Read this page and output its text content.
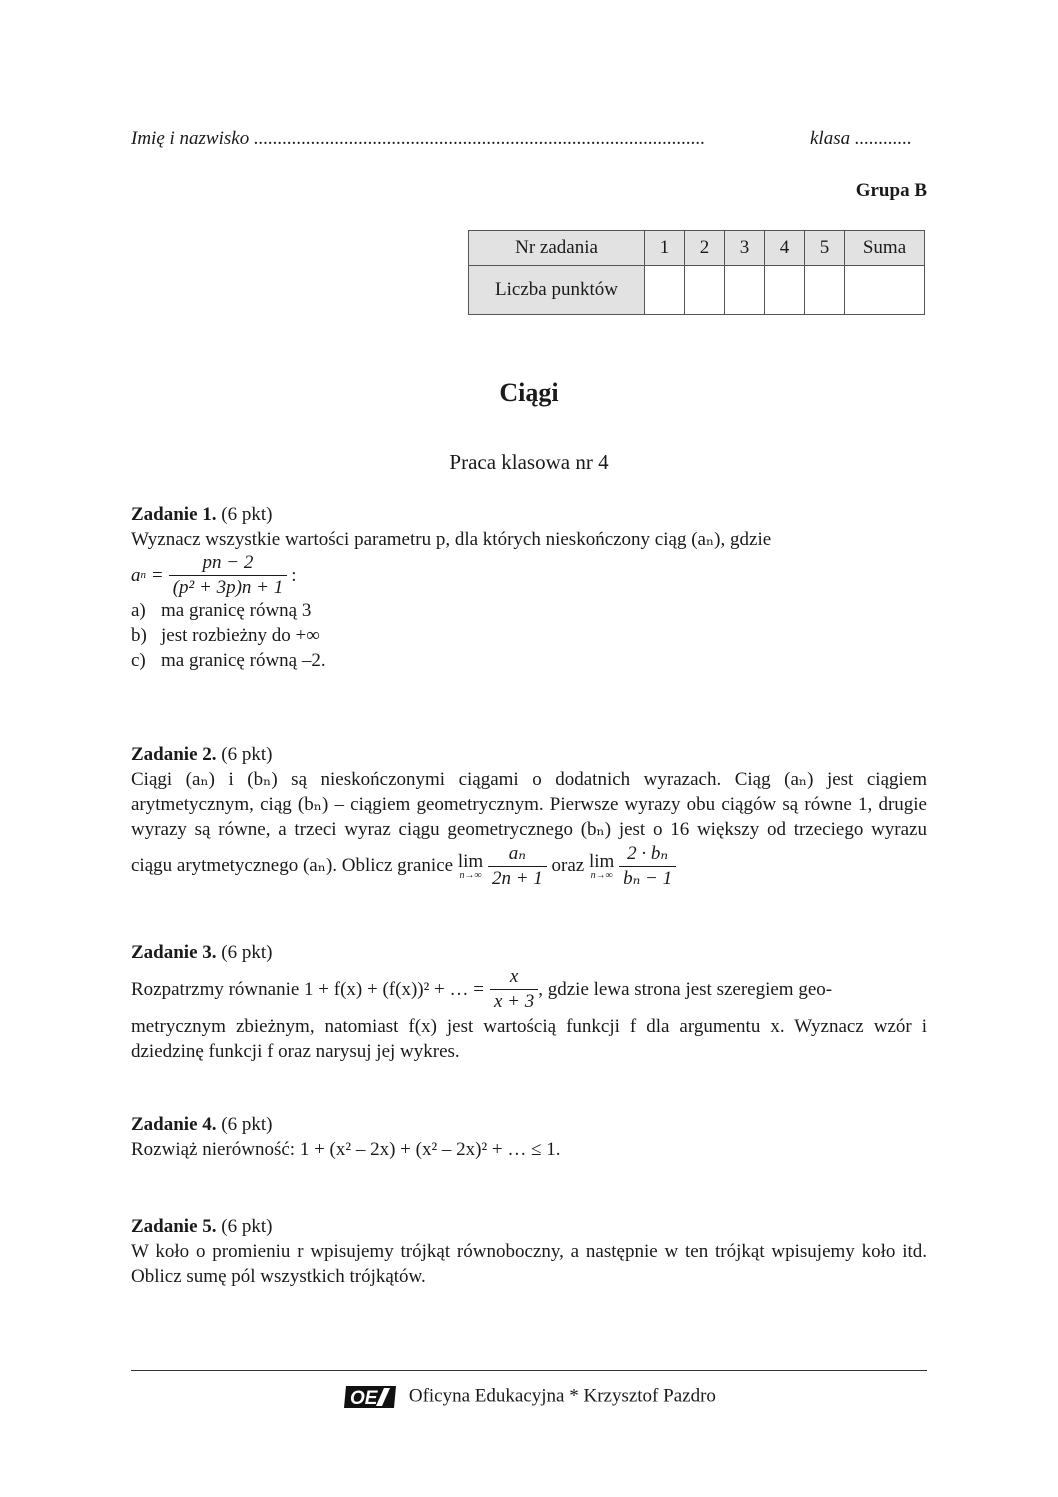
Imię i nazwisko ...............................................................................................	klasa ............
Grupa B
Nr zadania	1	2	3	4	5	Suma
Liczba punktów						
Ciągi
Praca klasowa nr 4
Zadanie 1. (6 pkt)
Wyznacz wszystkie wartości parametru p, dla których nieskończony ciąg (aₙ), gdzie
a $n = \frac{pn - 2}{\text{(p² + 3p)n + 1}}$ :
a) ma granicę równą 3
b) jest rozbieżny do +∞
c) ma granicę równą –2.
Zadanie 2. (6 pkt)
Ciągi (aₙ) i (bₙ) są nieskończonymi ciągami o dodatnich wyrazach. Ciąg (aₙ) jest ciągiem arytmetycznym, ciąg (bₙ) – ciągiem geometrycznym. Pierwsze wyrazy obu ciągów są równe 1, drugie wyrazy są równe, a trzeci wyraz ciągu geometrycznego (bₙ) jest o 16 większy od trzeciego wyrazu ciągu arytmetycznego (aₙ). Oblicz granice lim
n→∞
$\frac{\text{aₙ}}{2n + 1}$ oraz lim
n→∞
$\frac{\text{2 · bₙ}}{\text{bₙ − 1}}$
Zadanie 3. (6 pkt)
Rozpatrzmy równanie 1 + f(x) + (f(x))² + … = $\frac{x}{x + 3}$ , gdzie lewa strona jest szeregiem geo-
metrycznym zbieżnym, natomiast f(x) jest wartością funkcji f dla argumentu x. Wyznacz wzór i dziedzinę funkcji f oraz narysuj jej wykres.
Zadanie 4. (6 pkt)
Rozwiąż nierówność: 1 + (x² – 2x) + (x² – 2x)² + … ≤ 1.
Zadanie 5. (6 pkt)
W koło o promieniu r wpisujemy trójkąt równoboczny, a następnie w ten trójkąt wpisujemy koło itd. Oblicz sumę pól wszystkich trójkątów.
OE Oficyna Edukacyjna * Krzysztof Pazdro
